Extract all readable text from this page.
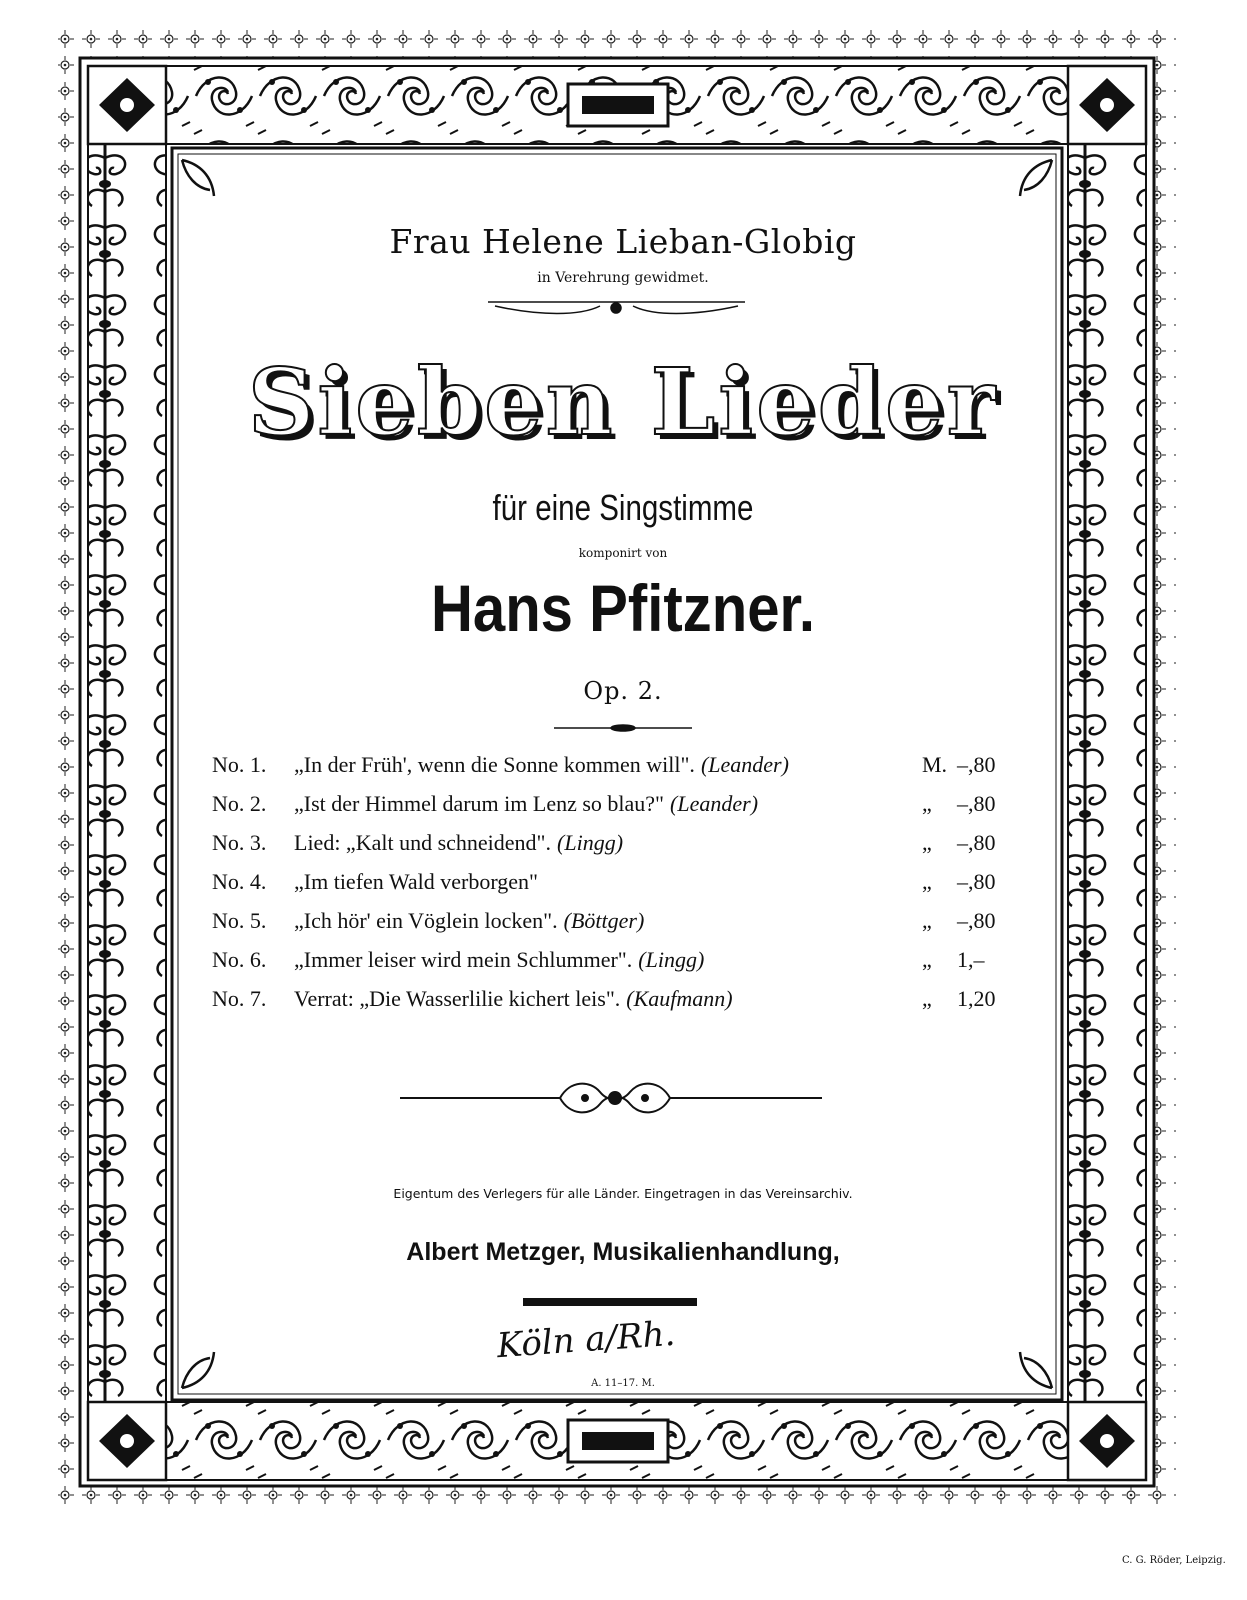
Frau Helene Lieban-Globig
in Verehrung gewidmet.
Sieben Lieder
für eine Singstimme
komponirt von
Hans Pfitzner.
Op. 2.
No. 1. „In der Früh', wenn die Sonne kommen will". (Leander)	M. –,80
No. 2. „Ist der Himmel darum im Lenz so blau?" (Leander)	„ –,80
No. 3. Lied: „Kalt und schneidend". (Lingg)	„ –,80
No. 4. „Im tiefen Wald verborgen"	„ –,80
No. 5. „Ich hör' ein Vöglein locken". (Böttger)	„ –,80
No. 6. „Immer leiser wird mein Schlummer". (Lingg)	„ 1,–
No. 7. Verrat: „Die Wasserlilie kichert leis". (Kaufmann)	„ 1,20
Eigentum des Verlegers für alle Länder. Eingetragen in das Vereinsarchiv.
Albert Metzger, Musikalienhandlung,
Köln a/Rh.
A. 11–17. M.
C. G. Röder, Leipzig.
